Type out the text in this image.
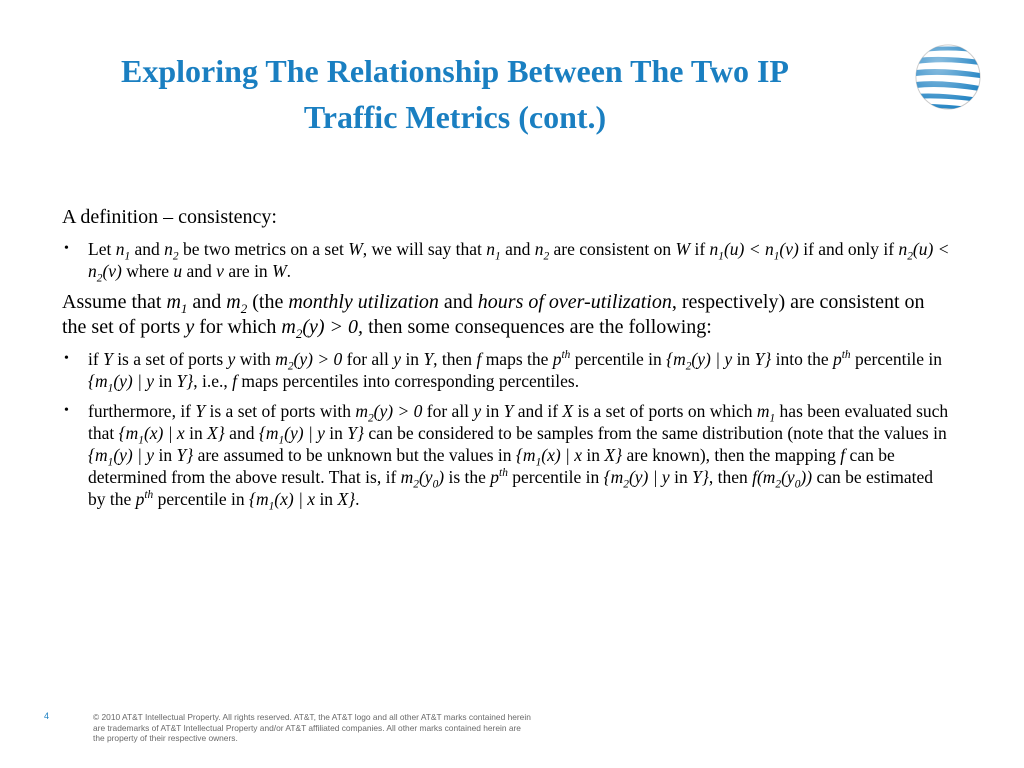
Exploring The Relationship Between The Two IP
Traffic Metrics (cont.)

A definition – consistency:

• Let $n_1$ and $n_2$ be two metrics on a set W, we will say that $n_1$ and $n_2$ are consistent on W if $n_1(u) < n_1(v)$ if and only if $n_2(u) < n_2(v)$ where u and v are in W.

Assume that $m_1$ and $m_2$ (the monthly utilization and hours of over-utilization, respectively) are consistent on the set of ports y for which $m_2(y) > 0$, then some consequences are the following:

• if Y is a set of ports y with $m_2(y) > 0$ for all y in Y, then f maps the $p^{th}$ percentile in {$m_2(y)$ | y in Y} into the $p^{th}$ percentile in {$m_1(y)$ | y in Y}, i.e., f maps percentiles into corresponding percentiles.
• furthermore, if Y is a set of ports with $m_2(y) > 0$ for all y in Y and if X is a set of ports on which $m_1$ has been evaluated such that {$m_1(x)$ | x in X} and {$m_1(y)$ | y in Y} can be considered to be samples from the same distribution (note that the values in {$m_1(y)$ | y in Y} are assumed to be unknown but the values in {$m_1(x)$ | x in X} are known), then the mapping f can be determined from the above result. That is, if $m_2(y_0)$ is the $p^{th}$ percentile in {$m_2(y)$ | y in Y}, then $f(m_2(y_0))$ can be estimated by the $p^{th}$ percentile in {$m_1(x)$ | x in X}.
4	© 2010 AT&T Intellectual Property. All rights reserved. AT&T, the AT&T logo and all other AT&T marks contained herein
are trademarks of AT&T Intellectual Property and/or AT&T affiliated companies. All other marks contained herein are
the property of their respective owners.
